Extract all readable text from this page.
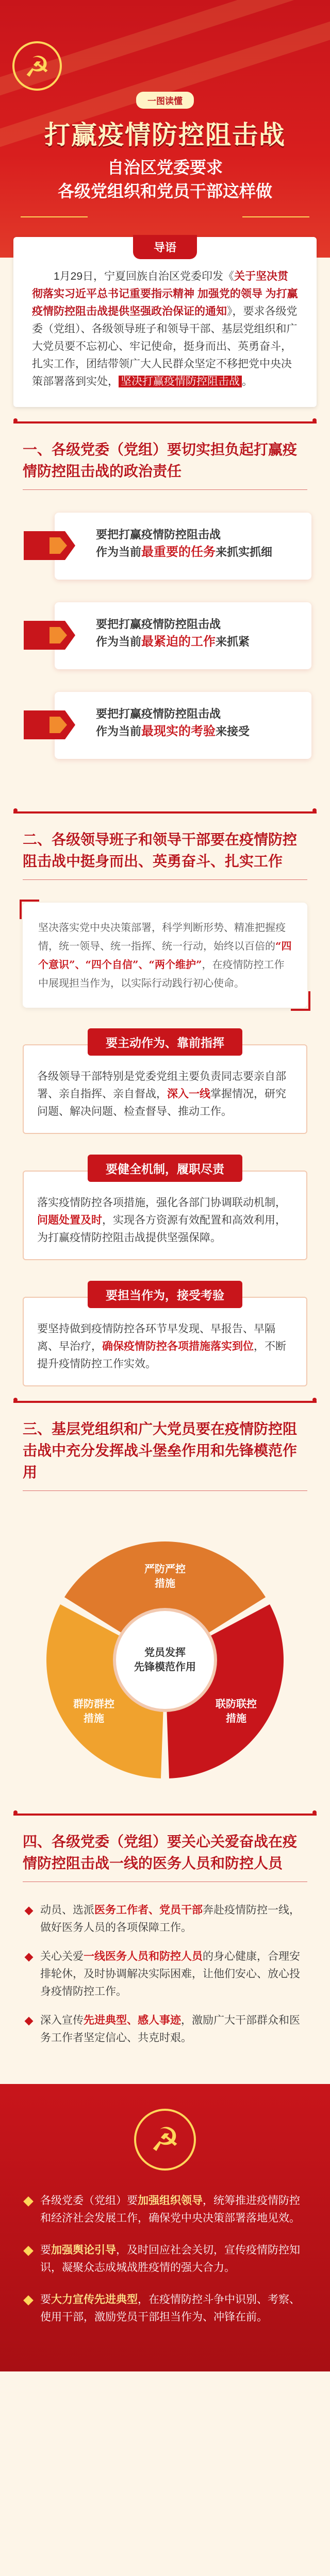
☭
一图读懂
打赢疫情防控阻击战
自治区党委要求
各级党组织和党员干部这样做
导语

1月29日，宁夏回族自治区党委印发《关于坚决贯彻落实习近平总书记重要指示精神 加强党的领导 为打赢疫情防控阻击战提供坚强政治保证的通知》，要求各级党委（党组）、各级领导班子和领导干部、基层党组织和广大党员要不忘初心、牢记使命，挺身而出、英勇奋斗，扎实工作，团结带领广大人民群众坚定不移把党中央决策部署落到实处， 坚决打赢疫情防控阻击战 。

一、各级党委（党组）要切实担负起打赢疫情防控阻击战的政治责任

要把打赢疫情防控阻击战

作为当前最重要的任务来抓实抓细

要把打赢疫情防控阻击战

作为当前最紧迫的工作来抓紧

要把打赢疫情防控阻击战

作为当前最现实的考验来接受

二、各级领导班子和领导干部要在疫情防控阻击战中挺身而出、英勇奋斗、扎实工作

坚决落实党中央决策部署，科学判断形势、精准把握疫情，统一领导、统一指挥、统一行动，始终以百倍的“四个意识”、“四个自信”、“两个维护”，在疫情防控工作中展现担当作为，以实际行动践行初心使命。

要主动作为、靠前指挥

各级领导干部特别是党委党组主要负责同志要亲自部署、亲自指挥、亲自督战，深入一线掌握情况，研究问题、解决问题、检查督导、推动工作。

要健全机制，履职尽责

落实疫情防控各项措施，强化各部门协调联动机制，问题处置及时，实现各方资源有效配置和高效利用，为打赢疫情防控阻击战提供坚强保障。

要担当作为，接受考验

要坚持做到疫情防控各环节早发现、早报告、早隔离、早治疗，确保疫情防控各项措施落实到位，不断提升疫情防控工作实效。

三、基层党组织和广大党员要在疫情防控阻击战中充分发挥战斗堡垒作用和先锋模范作用
严防严控
措施
群防群控
措施
联防联控
措施
党员发挥
先锋模范作用
四、各级党委（党组）要关心关爱奋战在疫情防控阻击战一线的医务人员和防控人员
动员、选派医务工作者、党员干部奔赴疫情防控一线，做好医务人员的各项保障工作。
关心关爱一线医务人员和防控人员的身心健康，合理安排轮休，及时协调解决实际困难，让他们安心、放心投身疫情防控工作。
深入宣传先进典型、感人事迹，激励广大干部群众和医务工作者坚定信心、共克时艰。
☭
各级党委（党组）要加强组织领导，统筹推进疫情防控和经济社会发展工作，确保党中央决策部署落地见效。
要加强舆论引导，及时回应社会关切，宣传疫情防控知识，凝聚众志成城战胜疫情的强大合力。
要大力宣传先进典型，在疫情防控斗争中识别、考察、使用干部，激励党员干部担当作为、冲锋在前。
